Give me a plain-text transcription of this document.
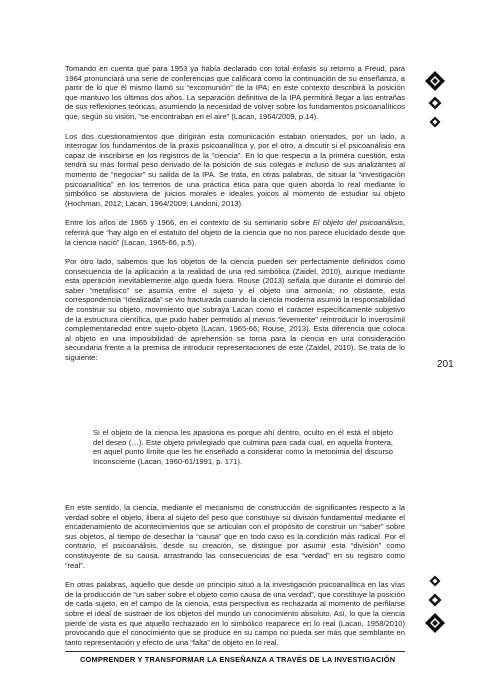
Tomando en cuenta que para 1953 ya había declarado con total énfasis su retorno a Freud, para 1964 pronunciará una serie de conferencias que calificará como la continuación de su enseñanza, a partir de lo que él mismo llamó su “excomunión” de la IPA; en este contexto describirá la posición que mantuvo los últimos dos años. La separación definitiva de la IPA permitirá llegar a las entrañas de sus reflexiones teóricas, asumiendo la necesidad de volver sobre los fundamentos psicoanalíticos que, según su visión, “se encontraban en el aire” (Lacan, 1964/2009, p.14).

Los dos cuestionamientos que dirigirán esta comunicación estaban orientados, por un lado, a interrogar los fundamentos de la praxis psicoanalítica y, por el otro, a discutir si el psicoanálisis era capaz de inscribirse en los registros de la “ciencia”. En lo que respecta a la primera cuestión, esta tendrá su más formal peso derivado de la posición de sus colegas e incluso de sus analizantes al momento de “negociar” su salida de la IPA. Se trata, en otras palabras, de situar la “investigación psicoanalítica” en los terrenos de una práctica ética para que quien aborda lo real mediante lo simbólico se abstuviera de juicios morales e ideales yoicos al momento de estudiar su objeto (Hochman, 2012; Lacan, 1964/2009; Landoni, 2013).

Entre los años de 1965 y 1966, en el contexto de su seminario sobre El objeto del psicoanálisis, referirá que “hay algo en el estatuto del objeto de la ciencia que no nos parece elucidado desde que la ciencia nació” (Lacan, 1965-66, p.5).

Por otro lado, sabemos que los objetos de la ciencia pueden ser perfectamente definidos como consecuencia de la aplicación a la realidad de una red simbólica (Zaidel, 2010), aunque mediante esta operación inevitablemente algo queda fuera. Rouse (2013) señala que durante el dominio del saber “metafísico” se asumía entre el sujeto y el objeto una armonía; no obstante, esta correspondencia “idealizada” se vio fracturada cuando la ciencia moderna asumió la responsabilidad de construir su objeto, movimiento que subraya Lacan como el carácter específicamente subjetivo de la estructura científica, que pudo haber permitido al menos “levemente” reintroducir lo inverosímil complementariedad entre sujeto-objeto (Lacan, 1965-66; Rouse, 2013). Esta diferencia que coloca al objeto en una imposibilidad de aprehensión se torna para la ciencia en una consideración secundaria frente a la premisa de introducir representaciones de este (Zaidel, 2010). Se trata de lo siguiente:

Si el objeto de la ciencia les apasiona es porque ahí dentro, oculto en él está el objeto del deseo (…). Este objeto privilegiado que culmina para cada cual, en aquella frontera, en aquel punto límite que les he enseñado a considerar como la metonimia del discurso Inconsciente (Lacan, 1960-61/1991, p. 171).

En este sentido, la ciencia, mediante el mecanismo de construcción de significantes respecto a la verdad sobre el objeto, libera al sujeto del peso que constituye su división fundamental mediante el encadenamiento de acontecimientos que se articulan con el propósito de construir un “saber” sobre sus objetos, al tiempo de desechar la “causa” que en todo caso es la condición más radical. Por el contrario, el psicoanálisis, desde su creación, se distingue por asumir esta “división” como constituyente de su causa, arrastrando las consecuencias de esa “verdad” en su registro como “real”.

En otras palabras, aquello que desde un principio situó a la investigación psicoanalítica en las vías de la producción de “un saber sobre el objeto como causa de una verdad”, que constituye la posición de cada sujeto, en el campo de la ciencia, esta perspectiva es rechazada al momento de perfilarse sobre el ideal de sustraer de los objetos del mundo un conocimiento absoluto. Así, lo que la ciencia pierde de vista es que aquello rechazado en lo simbólico reaparece en lo real (Lacan, 1958/2010) provocando que el conocimiento que se produce en su campo no pueda ser más que semblante en tanto representación y efecto de una “falta” de objeto en lo real.

201
COMPRENDER Y TRANSFORMAR LA ENSEÑANZA A TRAVÉS DE LA INVESTIGACIÓN
